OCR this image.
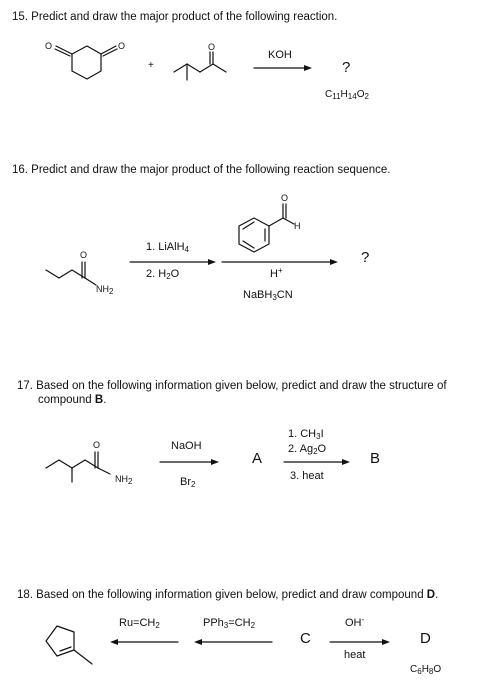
15. Predict and draw the major product of the following reaction.
O	O	O
+
KOH
?
$C_{11}H_{14}O_2$
16. Predict and draw the major product of the following reaction sequence.
O
$NH_2$
1. LiAlH$_4$
2. $H_2O$
O
H
H+
NaBH$_3$CN
?
17. Based on the following information given below, predict and draw the structure of
compound B.
O
$NH_2$
NaOH
$Br_2$
A
1. $CH_3I$
2. $Ag_2O$
3. heat
B
18. Based on the following information given below, predict and draw compound D.
$Ru=CH_2$	$PPh_3=CH_2$
C
OH-
heat
D
$C_6H_8O$
